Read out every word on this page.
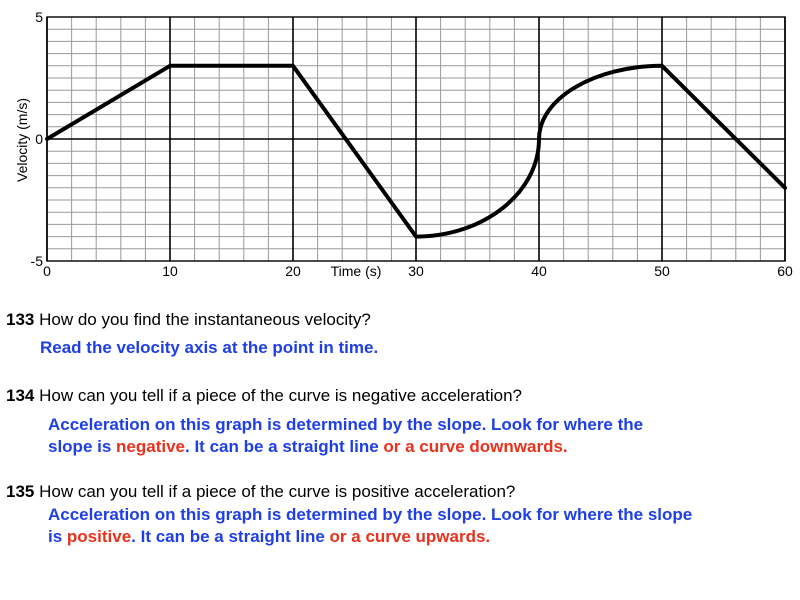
0	10	20	30	40	50	60
5
0
-5
Time (s)
Velocity (m/s)
133 How do you find the instantaneous velocity?
Read the velocity axis at the point in time.
134 How can you tell if a piece of the curve is negative acceleration?
Acceleration on this graph is determined by the slope. Look for where the
slope is negative. It can be a straight line or a curve downwards.
135 How can you tell if a piece of the curve is positive acceleration?
Acceleration on this graph is determined by the slope. Look for where the slope
is positive. It can be a straight line or a curve upwards.
